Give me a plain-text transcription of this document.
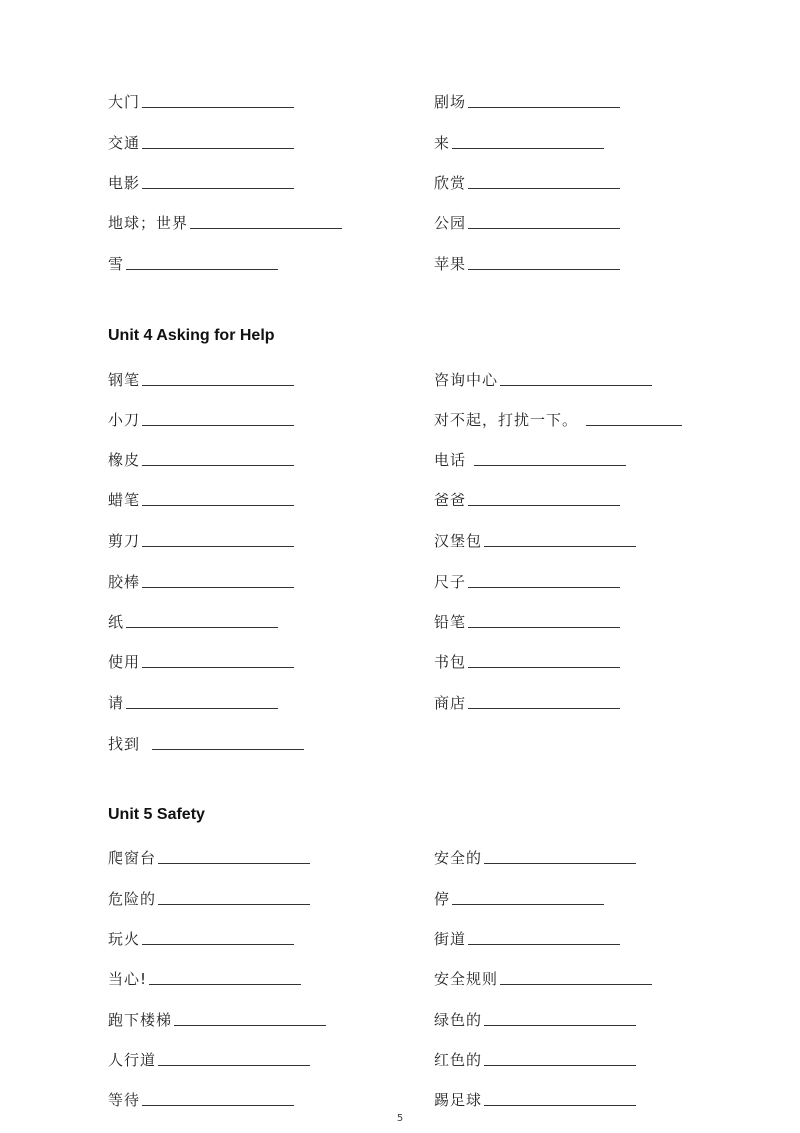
大门
交通
电影
地球；世界
雪
剧场
来
欣赏
公园
苹果
Unit 4 Asking for Help
钢笔
小刀
橡皮
蜡笔
剪刀
胶棒
纸
使用
请
找到
咨询中心
对不起，打扰一下。
电话
爸爸
汉堡包
尺子
铅笔
书包
商店
Unit 5 Safety
爬窗台
危险的
玩火
当心!
跑下楼梯
人行道
等待
安全的
停
街道
安全规则
绿色的
红色的
踢足球
5
